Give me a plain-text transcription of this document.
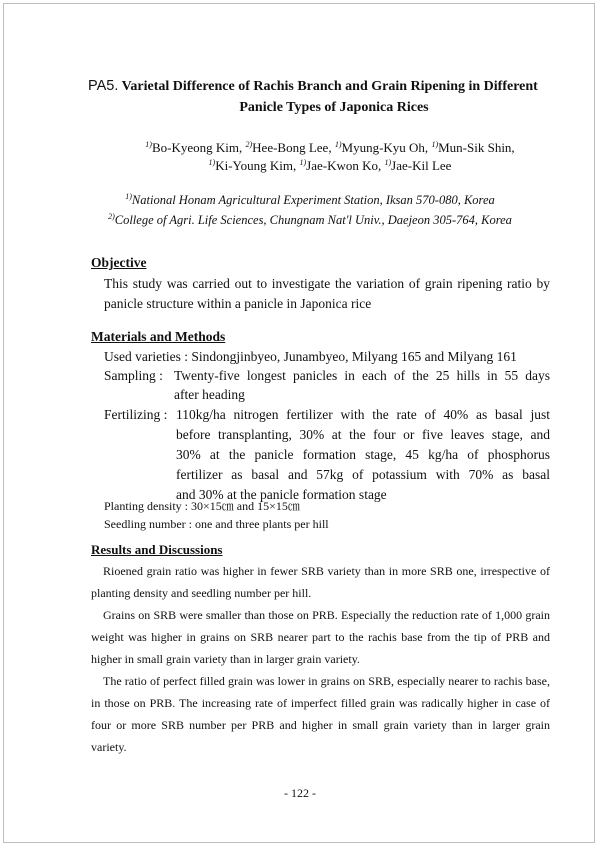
PA5. Varietal Difference of Rachis Branch and Grain Ripening in Different
Panicle Types of Japonica Rices
$^{1)}$Bo-Kyeong Kim, $^{2)}$Hee-Bong Lee, $^{1)}$Myung-Kyu Oh, $^{1)}$Mun-Sik Shin,
$^{1)}$Ki-Young Kim, $^{1)}$Jae-Kwon Ko, $^{1)}$Jae-Kil Lee
$^{1)}$National Honam Agricultural Experiment Station, Iksan 570-080, Korea
$^{2)}$College of Agri. Life Sciences, Chungnam Nat'l Univ., Daejeon 305-764, Korea
Objective
This study was carried out to investigate the variation of grain ripening ratio by panicle structure within a panicle in Japonica rice
Materials and Methods
Used varieties : Sindongjinbyeo, Junambyeo, Milyang 165 and Milyang 161
Sampling : Twenty-five longest panicles in each of the 25 hills in 55 days
after heading
Fertilizing : 110kg/ha nitrogen fertilizer with the rate of 40% as basal just
before transplanting, 30% at the four or five leaves stage, and
30% at the panicle formation stage, 45 kg/ha of phosphorus
fertilizer as basal and 57kg of potassium with 70% as basal
and 30% at the panicle formation stage
Planting density : 30×15㎝ and 15×15㎝
Seedling number : one and three plants per hill
Results and Discussions

Rioened grain ratio was higher in fewer SRB variety than in more SRB one, irrespective of planting density and seedling number per hill.

Grains on SRB were smaller than those on PRB. Especially the reduction rate of 1,000 grain weight was higher in grains on SRB nearer part to the rachis base from the tip of PRB and higher in small grain variety than in larger grain variety.

The ratio of perfect filled grain was lower in grains on SRB, especially nearer to rachis base, in those on PRB. The increasing rate of imperfect filled grain was radically higher in case of four or more SRB number per PRB and higher in small grain variety than in larger grain variety.

- 122 -
